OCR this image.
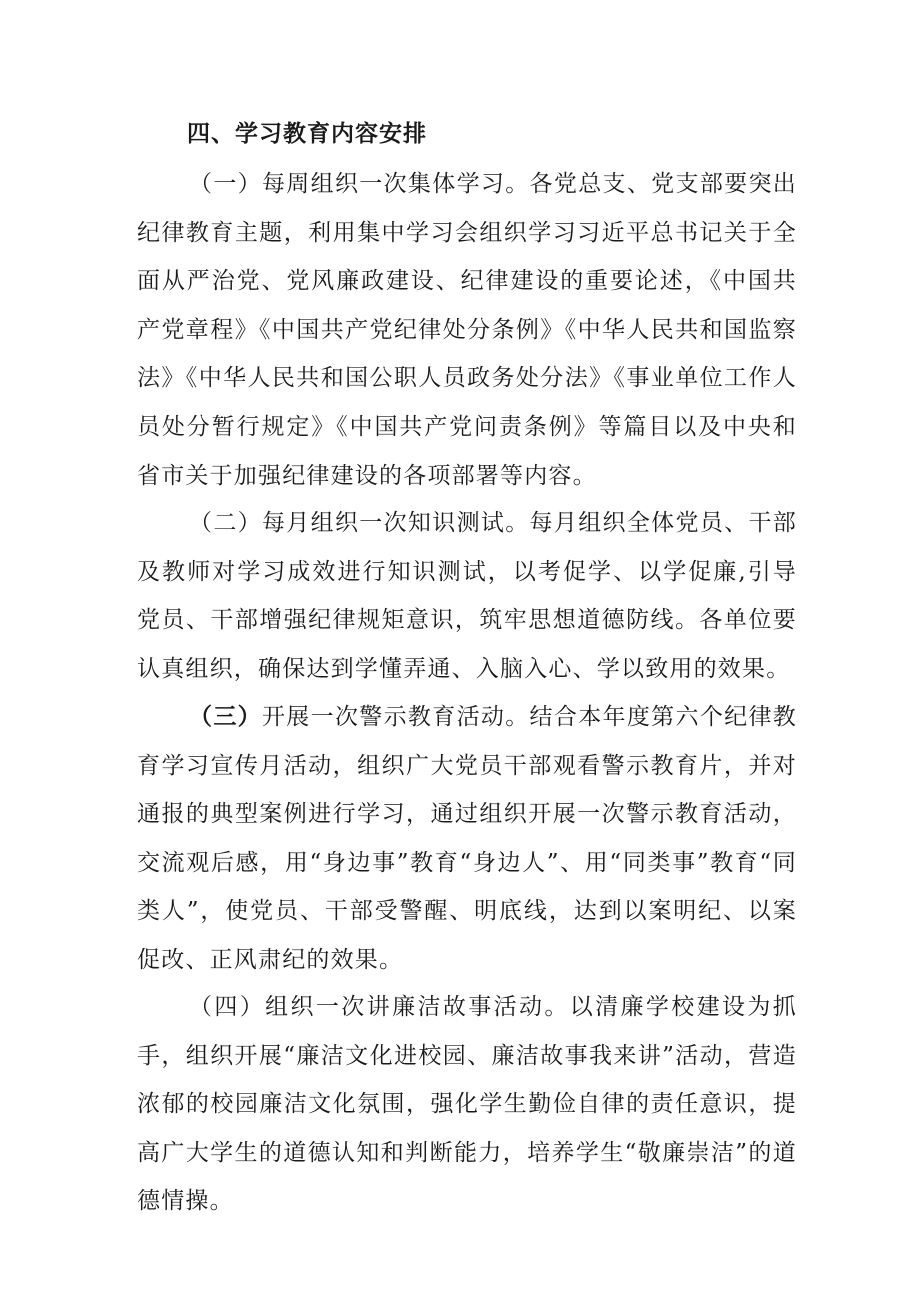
四、学习教育内容安排

（一）每周组织一次集体学习。各党总支、党支部要突出纪律教育主题，利用集中学习会组织学习习近平总书记关于全面从严治党、党风廉政建设、纪律建设的重要论述，《中国共产党章程》《中国共产党纪律处分条例》《中华人民共和国监察法》《中华人民共和国公职人员政务处分法》《事业单位工作人员处分暂行规定》《中国共产党问责条例》等篇目以及中央和省市关于加强纪律建设的各项部署等内容。

（二）每月组织一次知识测试。每月组织全体党员、干部及教师对学习成效进行知识测试，以考促学、以学促廉,引导党员、干部增强纪律规矩意识，筑牢思想道德防线。各单位要认真组织，确保达到学懂弄通、入脑入心、学以致用的效果。

（三）开展一次警示教育活动。结合本年度第六个纪律教育学习宣传月活动，组织广大党员干部观看警示教育片，并对通报的典型案例进行学习，通过组织开展一次警示教育活动，交流观后感，用“身边事”教育“身边人”、用“同类事”教育“同类人”，使党员、干部受警醒、明底线，达到以案明纪、以案促改、正风肃纪的效果。

（四）组织一次讲廉洁故事活动。以清廉学校建设为抓手，组织开展“廉洁文化进校园、廉洁故事我来讲”活动，营造浓郁的校园廉洁文化氛围，强化学生勤俭自律的责任意识，提高广大学生的道德认知和判断能力，培养学生“敬廉崇洁”的道德情操。
